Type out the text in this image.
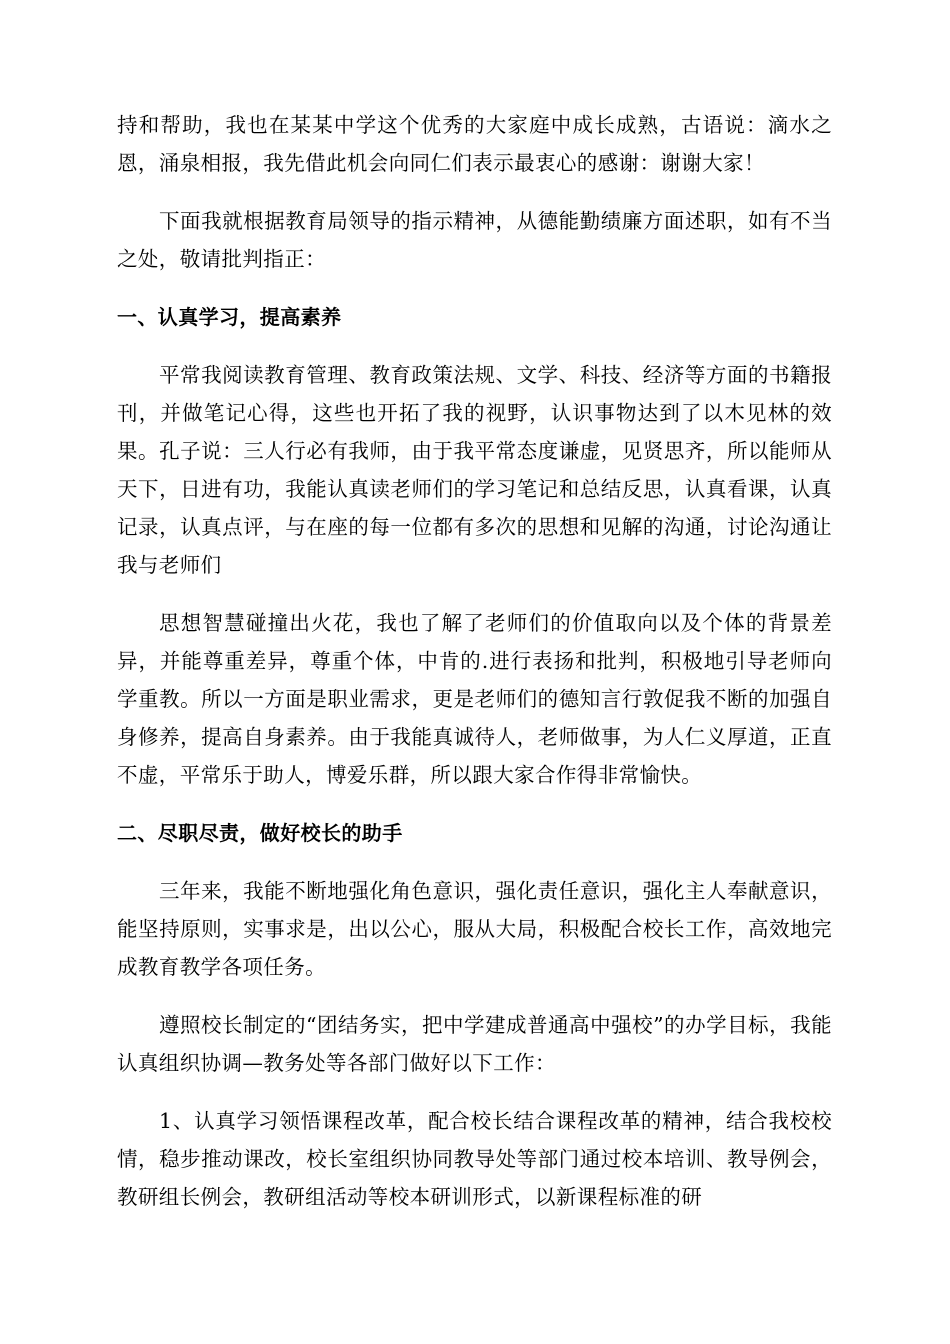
持和帮助，我也在某某中学这个优秀的大家庭中成长成熟，古语说：滴水之恩，涌泉相报，我先借此机会向同仁们表示最衷心的感谢：谢谢大家！

下面我就根据教育局领导的指示精神，从德能勤绩廉方面述职，如有不当之处，敬请批判指正：

一、认真学习，提高素养

平常我阅读教育管理、教育政策法规、文学、科技、经济等方面的书籍报刊，并做笔记心得，这些也开拓了我的视野，认识事物达到了以木见林的效果。孔子说：三人行必有我师，由于我平常态度谦虚，见贤思齐，所以能师从天下，日进有功，我能认真读老师们的学习笔记和总结反思，认真看课，认真记录，认真点评，与在座的每一位都有多次的思想和见解的沟通，讨论沟通让我与老师们

思想智慧碰撞出火花，我也了解了老师们的价值取向以及个体的背景差异，并能尊重差异，尊重个体，中肯的.进行表扬和批判，积极地引导老师向学重教。所以一方面是职业需求，更是老师们的德知言行敦促我不断的加强自身修养，提高自身素养。由于我能真诚待人，老师做事，为人仁义厚道，正直不虚，平常乐于助人，博爱乐群，所以跟大家合作得非常愉快。

二、尽职尽责，做好校长的助手

三年来，我能不断地强化角色意识，强化责任意识，强化主人奉献意识，能坚持原则，实事求是，出以公心，服从大局，积极配合校长工作，高效地完成教育教学各项任务。

遵照校长制定的“团结务实，把中学建成普通高中强校”的办学目标，我能认真组织协调—教务处等各部门做好以下工作：

1、认真学习领悟课程改革，配合校长结合课程改革的精神，结合我校校情，稳步推动课改，校长室组织协同教导处等部门通过校本培训、教导例会，教研组长例会，教研组活动等校本研训形式，以新课程标准的研
